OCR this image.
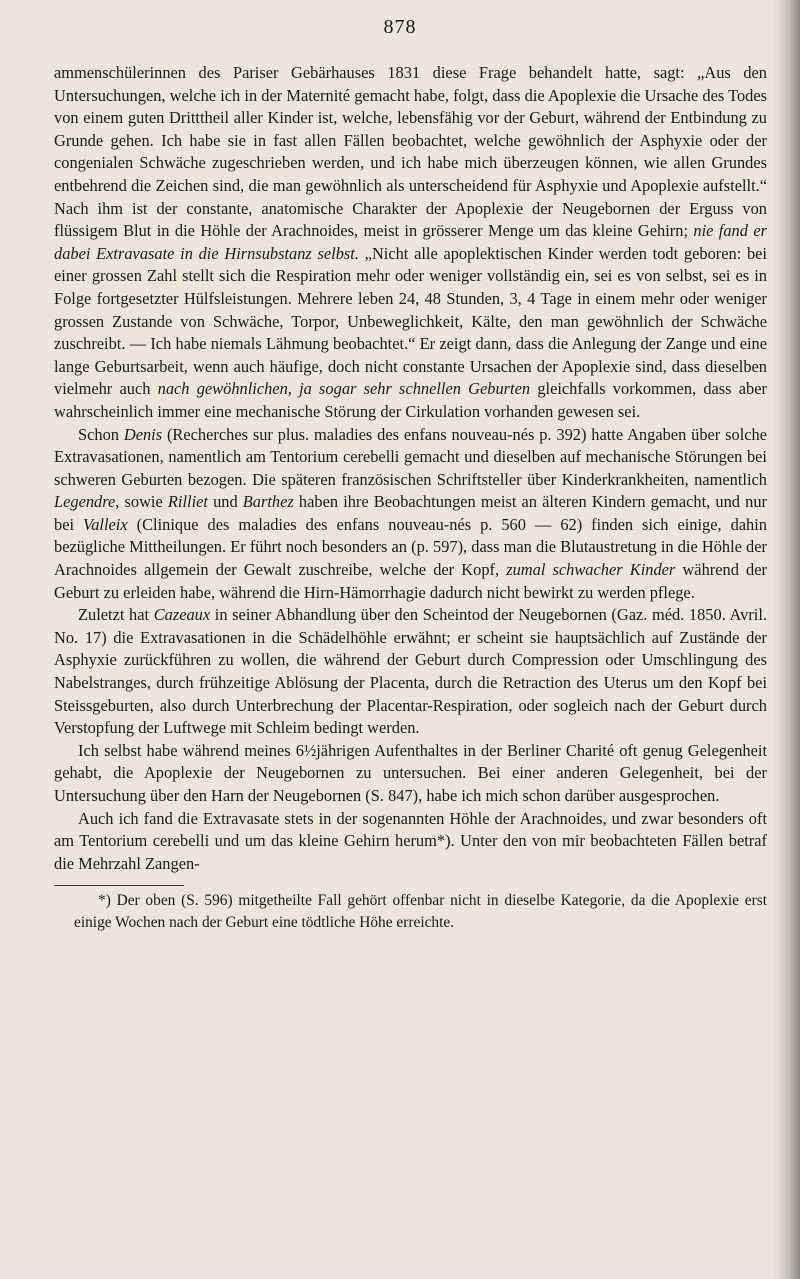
878

ammenschülerinnen des Pariser Gebärhauses 1831 diese Frage behandelt hatte, sagt: „Aus den Untersuchungen, welche ich in der Maternité gemacht habe, folgt, dass die Apoplexie die Ursache des Todes von einem guten Dritttheil aller Kinder ist, welche, lebensfähig vor der Geburt, während der Entbindung zu Grunde gehen. Ich habe sie in fast allen Fällen beobachtet, welche gewöhnlich der Asphyxie oder der congenialen Schwäche zugeschrieben werden, und ich habe mich überzeugen können, wie allen Grundes entbehrend die Zeichen sind, die man gewöhnlich als unterscheidend für Asphyxie und Apoplexie aufstellt.“ Nach ihm ist der constante, anatomische Charakter der Apoplexie der Neugebornen der Erguss von flüssigem Blut in die Höhle der Arachnoides, meist in grösserer Menge um das kleine Gehirn; nie fand er dabei Extravasate in die Hirnsubstanz selbst. „Nicht alle apoplektischen Kinder werden todt geboren: bei einer grossen Zahl stellt sich die Respiration mehr oder weniger vollständig ein, sei es von selbst, sei es in Folge fortgesetzter Hülfsleistungen. Mehrere leben 24, 48 Stunden, 3, 4 Tage in einem mehr oder weniger grossen Zustande von Schwäche, Torpor, Unbeweglichkeit, Kälte, den man gewöhnlich der Schwäche zuschreibt. — Ich habe niemals Lähmung beobachtet.“ Er zeigt dann, dass die Anlegung der Zange und eine lange Geburtsarbeit, wenn auch häufige, doch nicht constante Ursachen der Apoplexie sind, dass dieselben vielmehr auch nach gewöhnlichen, ja sogar sehr schnellen Geburten gleichfalls vorkommen, dass aber wahrscheinlich immer eine mechanische Störung der Cirkulation vorhanden gewesen sei.

Schon Denis (Recherches sur plus. maladies des enfans nouveau-nés p. 392) hatte Angaben über solche Extravasationen, namentlich am Tentorium cerebelli gemacht und dieselben auf mechanische Störungen bei schweren Geburten bezogen. Die späteren französischen Schriftsteller über Kinderkrankheiten, namentlich Legendre, sowie Rilliet und Barthez haben ihre Beobachtungen meist an älteren Kindern gemacht, und nur bei Valleix (Clinique des maladies des enfans nouveau-nés p. 560 — 62) finden sich einige, dahin bezügliche Mittheilungen. Er führt noch besonders an (p. 597), dass man die Blutaustretung in die Höhle der Arachnoides allgemein der Gewalt zuschreibe, welche der Kopf, zumal schwacher Kinder während der Geburt zu erleiden habe, während die Hirn-Hämorrhagie dadurch nicht bewirkt zu werden pflege.

Zuletzt hat Cazeaux in seiner Abhandlung über den Scheintod der Neugebornen (Gaz. méd. 1850. Avril. No. 17) die Extravasationen in die Schädelhöhle erwähnt; er scheint sie hauptsächlich auf Zustände der Asphyxie zurückführen zu wollen, die während der Geburt durch Compression oder Umschlingung des Nabelstranges, durch frühzeitige Ablösung der Placenta, durch die Retraction des Uterus um den Kopf bei Steissgeburten, also durch Unterbrechung der Placentar-Respiration, oder sogleich nach der Geburt durch Verstopfung der Luftwege mit Schleim bedingt werden.

Ich selbst habe während meines 6½jährigen Aufenthaltes in der Berliner Charité oft genug Gelegenheit gehabt, die Apoplexie der Neugebornen zu untersuchen. Bei einer anderen Gelegenheit, bei der Untersuchung über den Harn der Neugebornen (S. 847), habe ich mich schon darüber ausgesprochen.

Auch ich fand die Extravasate stets in der sogenannten Höhle der Arachnoides, und zwar besonders oft am Tentorium cerebelli und um das kleine Gehirn herum*). Unter den von mir beobachteten Fällen betraf die Mehrzahl Zangen-

*) Der oben (S. 596) mitgetheilte Fall gehört offenbar nicht in dieselbe Kategorie, da die Apoplexie erst einige Wochen nach der Geburt eine tödtliche Höhe erreichte.
